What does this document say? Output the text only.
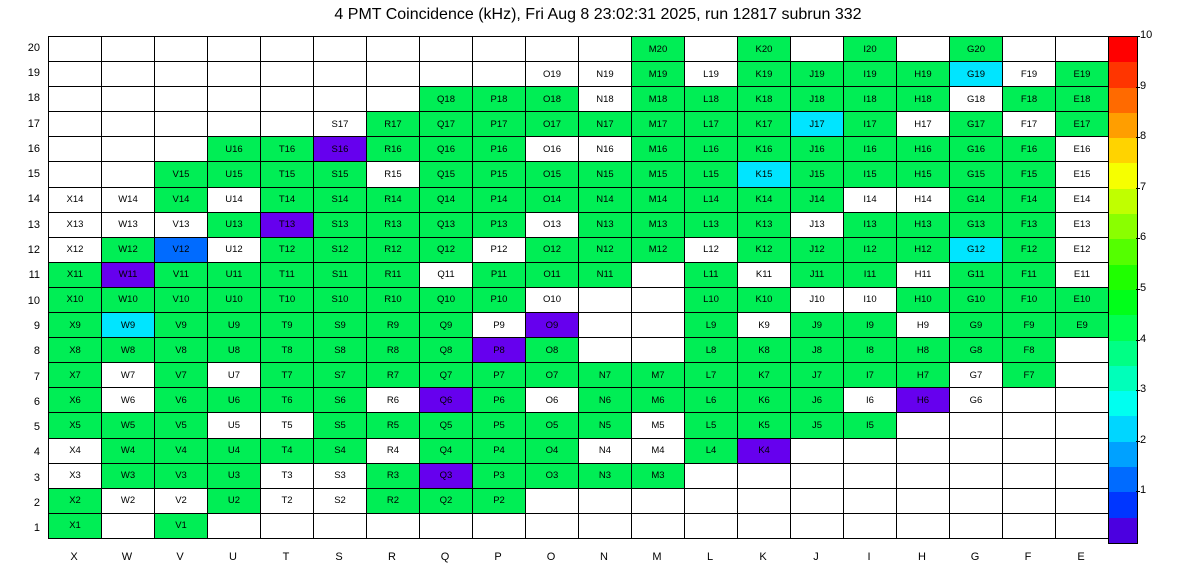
4 PMT Coincidence (kHz), Fri Aug 8 23:02:31 2025, run 12817 subrun 332
											M20		K20		I20		G20		
									O19	N19	M19	L19	K19	J19	I19	H19	G19	F19	E19
							Q18	P18	O18	N18	M18	L18	K18	J18	I18	H18	G18	F18	E18
					S17	R17	Q17	P17	O17	N17	M17	L17	K17	J17	I17	H17	G17	F17	E17
			U16	T16	S16	R16	Q16	P16	O16	N16	M16	L16	K16	J16	I16	H16	G16	F16	E16
		V15	U15	T15	S15	R15	Q15	P15	O15	N15	M15	L15	K15	J15	I15	H15	G15	F15	E15
X14	W14	V14	U14	T14	S14	R14	Q14	P14	O14	N14	M14	L14	K14	J14	I14	H14	G14	F14	E14
X13	W13	V13	U13	T13	S13	R13	Q13	P13	O13	N13	M13	L13	K13	J13	I13	H13	G13	F13	E13
X12	W12	V12	U12	T12	S12	R12	Q12	P12	O12	N12	M12	L12	K12	J12	I12	H12	G12	F12	E12
X11	W11	V11	U11	T11	S11	R11	Q11	P11	O11	N11		L11	K11	J11	I11	H11	G11	F11	E11
X10	W10	V10	U10	T10	S10	R10	Q10	P10	O10			L10	K10	J10	I10	H10	G10	F10	E10
X9	W9	V9	U9	T9	S9	R9	Q9	P9	O9			L9	K9	J9	I9	H9	G9	F9	E9
X8	W8	V8	U8	T8	S8	R8	Q8	P8	O8			L8	K8	J8	I8	H8	G8	F8	
X7	W7	V7	U7	T7	S7	R7	Q7	P7	O7	N7	M7	L7	K7	J7	I7	H7	G7	F7	
X6	W6	V6	U6	T6	S6	R6	Q6	P6	O6	N6	M6	L6	K6	J6	I6	H6	G6		
X5	W5	V5	U5	T5	S5	R5	Q5	P5	O5	N5	M5	L5	K5	J5	I5				
X4	W4	V4	U4	T4	S4	R4	Q4	P4	O4	N4	M4	L4	K4						
X3	W3	V3	U3	T3	S3	R3	Q3	P3	O3	N3	M3								
X2	W2	V2	U2	T2	S2	R2	Q2	P2											
X1		V1																	
20
19
18
17
16
15
14
13
12
11
10
9
8
7
6
5
4
3
2
1
X	W	V	U	T	S	R	Q	P	O	N	M	L	K	J	I	H	G	F	E
10
9
8
7
6
5
4
3
2
1
